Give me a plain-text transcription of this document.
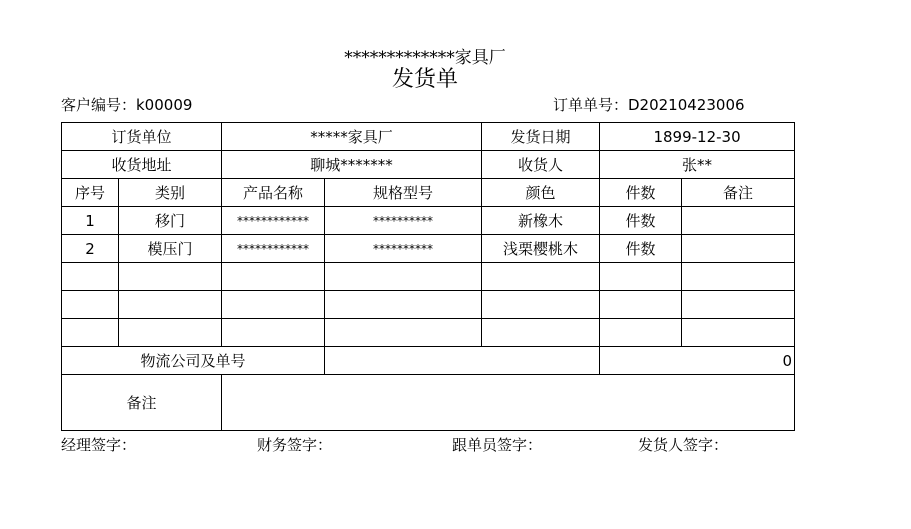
*************家具厂
发货单
客户编号：k00009	订单单号：D20210423006
订货单位		*****家具厂		发货日期	1899-12-30	
收货地址		聊城*******		收货人	张**	
序号	类别	产品名称	规格型号	颜色	件数	备注
1	移门	************	**********	新橡木	件数	
2	模压门	************	**********	浅栗樱桃木	件数	

物流公司及单号					0	
备注						
经理签字：	财务签字：	跟单员签字：	发货人签字：
